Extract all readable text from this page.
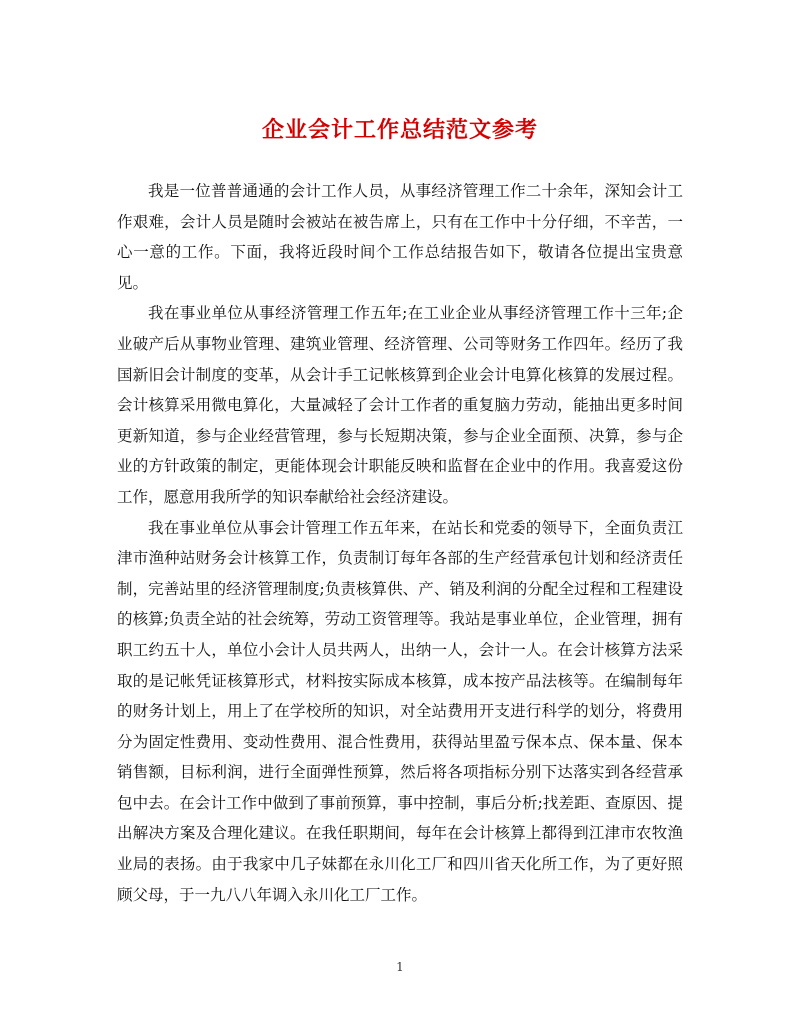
企业会计工作总结范文参考

我是一位普普通通的会计工作人员，从事经济管理工作二十余年，深知会计工作艰难，会计人员是随时会被站在被告席上，只有在工作中十分仔细，不辛苦，一心一意的工作。下面，我将近段时间个工作总结报告如下，敬请各位提出宝贵意见。

我在事业单位从事经济管理工作五年;在工业企业从事经济管理工作十三年;企业破产后从事物业管理、建筑业管理、经济管理、公司等财务工作四年。经历了我国新旧会计制度的变革，从会计手工记帐核算到企业会计电算化核算的发展过程。会计核算采用微电算化，大量减轻了会计工作者的重复脑力劳动，能抽出更多时间更新知道，参与企业经营管理，参与长短期决策，参与企业全面预、决算，参与企业的方针政策的制定，更能体现会计职能反映和监督在企业中的作用。我喜爱这份工作，愿意用我所学的知识奉献给社会经济建设。

我在事业单位从事会计管理工作五年来，在站长和党委的领导下，全面负责江津市渔种站财务会计核算工作，负责制订每年各部的生产经营承包计划和经济责任制，完善站里的经济管理制度;负责核算供、产、销及利润的分配全过程和工程建设的核算;负责全站的社会统筹，劳动工资管理等。我站是事业单位，企业管理，拥有职工约五十人，单位小会计人员共两人，出纳一人，会计一人。在会计核算方法采取的是记帐凭证核算形式，材料按实际成本核算，成本按产品法核等。在编制每年的财务计划上，用上了在学校所的知识，对全站费用开支进行科学的划分，将费用分为固定性费用、变动性费用、混合性费用，获得站里盈亏保本点、保本量、保本销售额，目标利润，进行全面弹性预算，然后将各项指标分别下达落实到各经营承包中去。在会计工作中做到了事前预算，事中控制，事后分析;找差距、查原因、提出解决方案及合理化建议。在我任职期间，每年在会计核算上都得到江津市农牧渔业局的表扬。由于我家中几子妹都在永川化工厂和四川省天化所工作，为了更好照顾父母，于一九八八年调入永川化工厂工作。

1
